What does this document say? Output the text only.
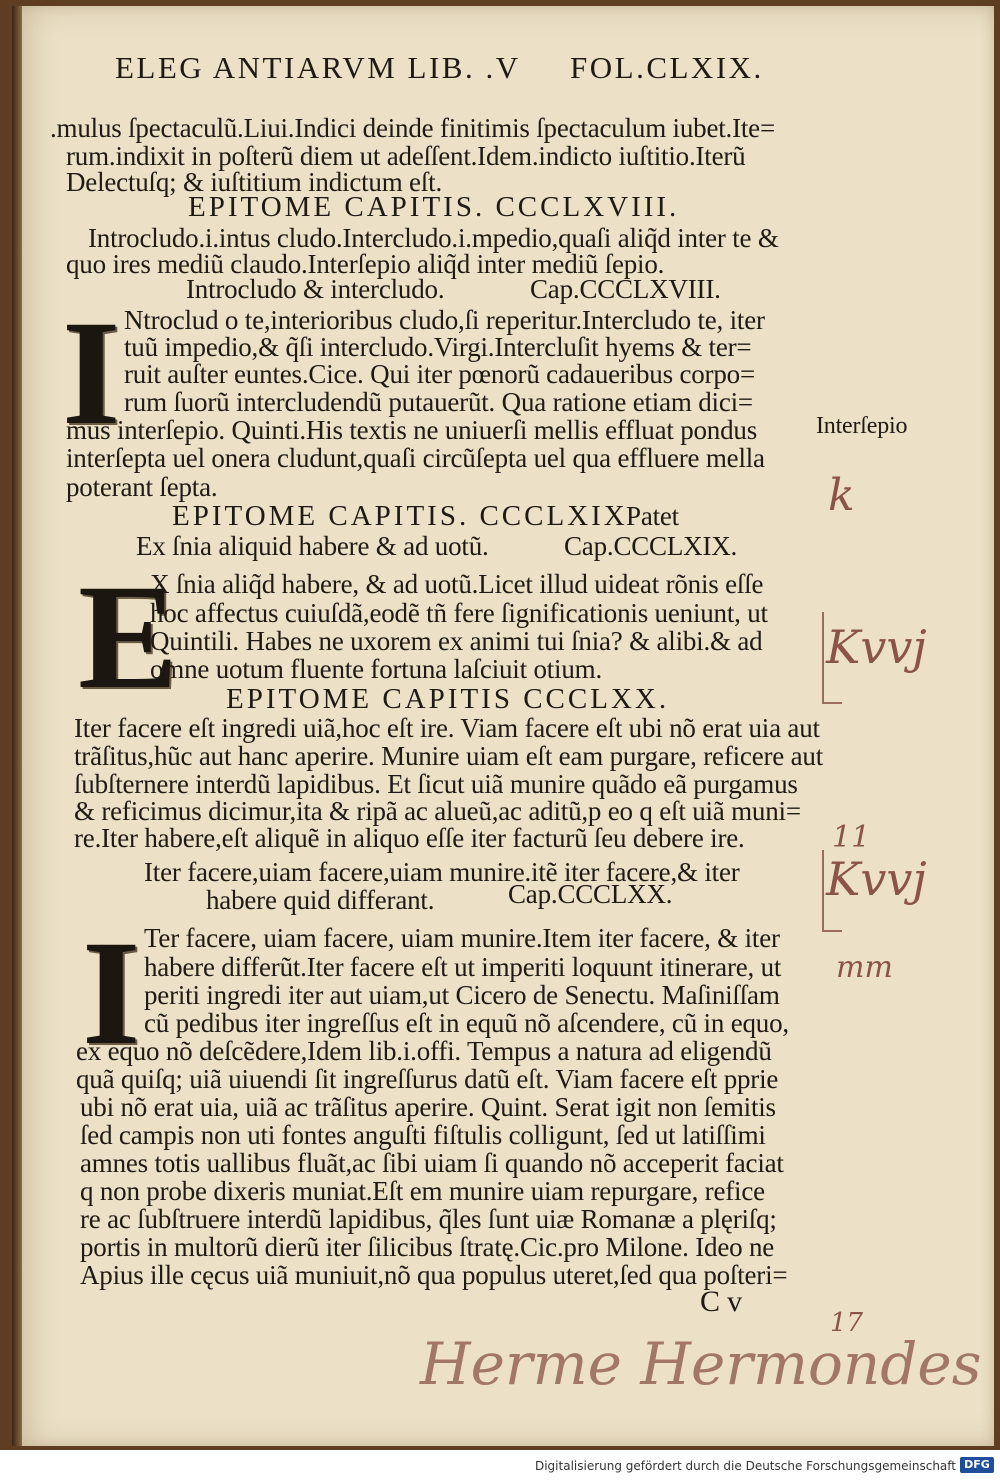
ELEG ANTIARVM LIB. .V FOL.CLXIX.
.mulus ſpectaculũ.Liui.Indici deinde finitimis ſpectaculum iubet.Ite=
rum.indixit in poſterũ diem ut adeſſent.Idem.indicto iuſtitio.Iterũ
Delectuſq; & iuſtitium indictum eſt.
EPITOME CAPITIS. CCCLXVIII.
Introcludo.i.intus cludo.Intercludo.i.mpedio,quaſi aliq̃d inter te &
quo ires mediũ claudo.Interſepio aliq̃d inter mediũ ſepio.
Introcludo & intercludo.	Cap.CCCLXVIII.
I Ntroclud o te,interioribus cludo,ſi reperitur.Intercludo te, iter
tuũ impedio,& q̃ſi intercludo.Virgi.Intercluſit hyems & ter=
ruit auſter euntes.Cice. Qui iter pœnorũ cadaueribus corpo=
rum ſuorũ intercludendũ putauerũt. Qua ratione etiam dici=
mus interſepio. Quinti.His textis ne uniuerſi mellis effluat pondus
interſepta uel onera cludunt,quaſi circũſepta uel qua effluere mella
poterant ſepta.
EPITOME CAPITIS. CCCLXIX
Patet
Ex ſnia aliquid habere & ad uotũ.	Cap.CCCLXIX.
E
X ſnia aliq̃d habere, & ad uotũ.Licet illud uideat rõnis eſſe
hoc affectus cuiuſdã,eodẽ tñ fere ſignificationis ueniunt, ut
Quintili. Habes ne uxorem ex animi tui ſnia? & alibi.& ad
omne uotum fluente fortuna laſciuit otium.
EPITOME CAPITIS CCCLXX.
Iter facere eſt ingredi uiã,hoc eſt ire. Viam facere eſt ubi nõ erat uia aut
trãſitus,hũc aut hanc aperire. Munire uiam eſt eam purgare, reficere aut
ſubſternere interdũ lapidibus. Et ſicut uiã munire quãdo eã purgamus
& reficimus dicimur,ita & ripã ac alueũ,ac aditũ,p eo q eſt uiã muni=
re.Iter habere,eſt aliquẽ in aliquo eſſe iter facturũ ſeu debere ire.
Iter facere,uiam facere,uiam munire.itẽ iter facere,& iter
habere quid differant.	Cap.CCCLXX.
I Ter facere, uiam facere, uiam munire.Item iter facere, & iter
habere differũt.Iter facere eſt ut imperiti loquunt itinerare, ut
periti ingredi iter aut uiam,ut Cicero de Senectu. Maſiniſſam
cũ pedibus iter ingreſſus eſt in equũ nõ aſcendere, cũ in equo,
ex equo nõ deſcẽdere,Idem lib.i.offi. Tempus a natura ad eligendũ
quã quiſq; uiã uiuendi ſit ingreſſurus datũ eſt. Viam facere eſt pprie
ubi nõ erat uia, uiã ac trãſitus aperire. Quint. Serat igit non ſemitis
ſed campis non uti fontes anguſti fiſtulis colligunt, ſed ut latiſſimi
amnes totis uallibus fluãt,ac ſibi uiam ſi quando nõ acceperit faciat
q non probe dixeris muniat.Eſt em munire uiam repurgare, refice
re ac ſubſtruere interdũ lapidibus, q̃les ſunt uiæ Romanæ a plęriſq;
portis in multorũ dierũ iter ſilicibus ſtratę.Cic.pro Milone. Ideo ne
Apius ille cęcus uiã muniuit,nõ qua populus uteret,ſed qua poſteri=
C v
Interſepio
k
Kvvj
11
Kvvj
mm
17
Herme Hermondes
Digitalisierung gefördert durch die Deutsche Forschungsgemeinschaft DFG
